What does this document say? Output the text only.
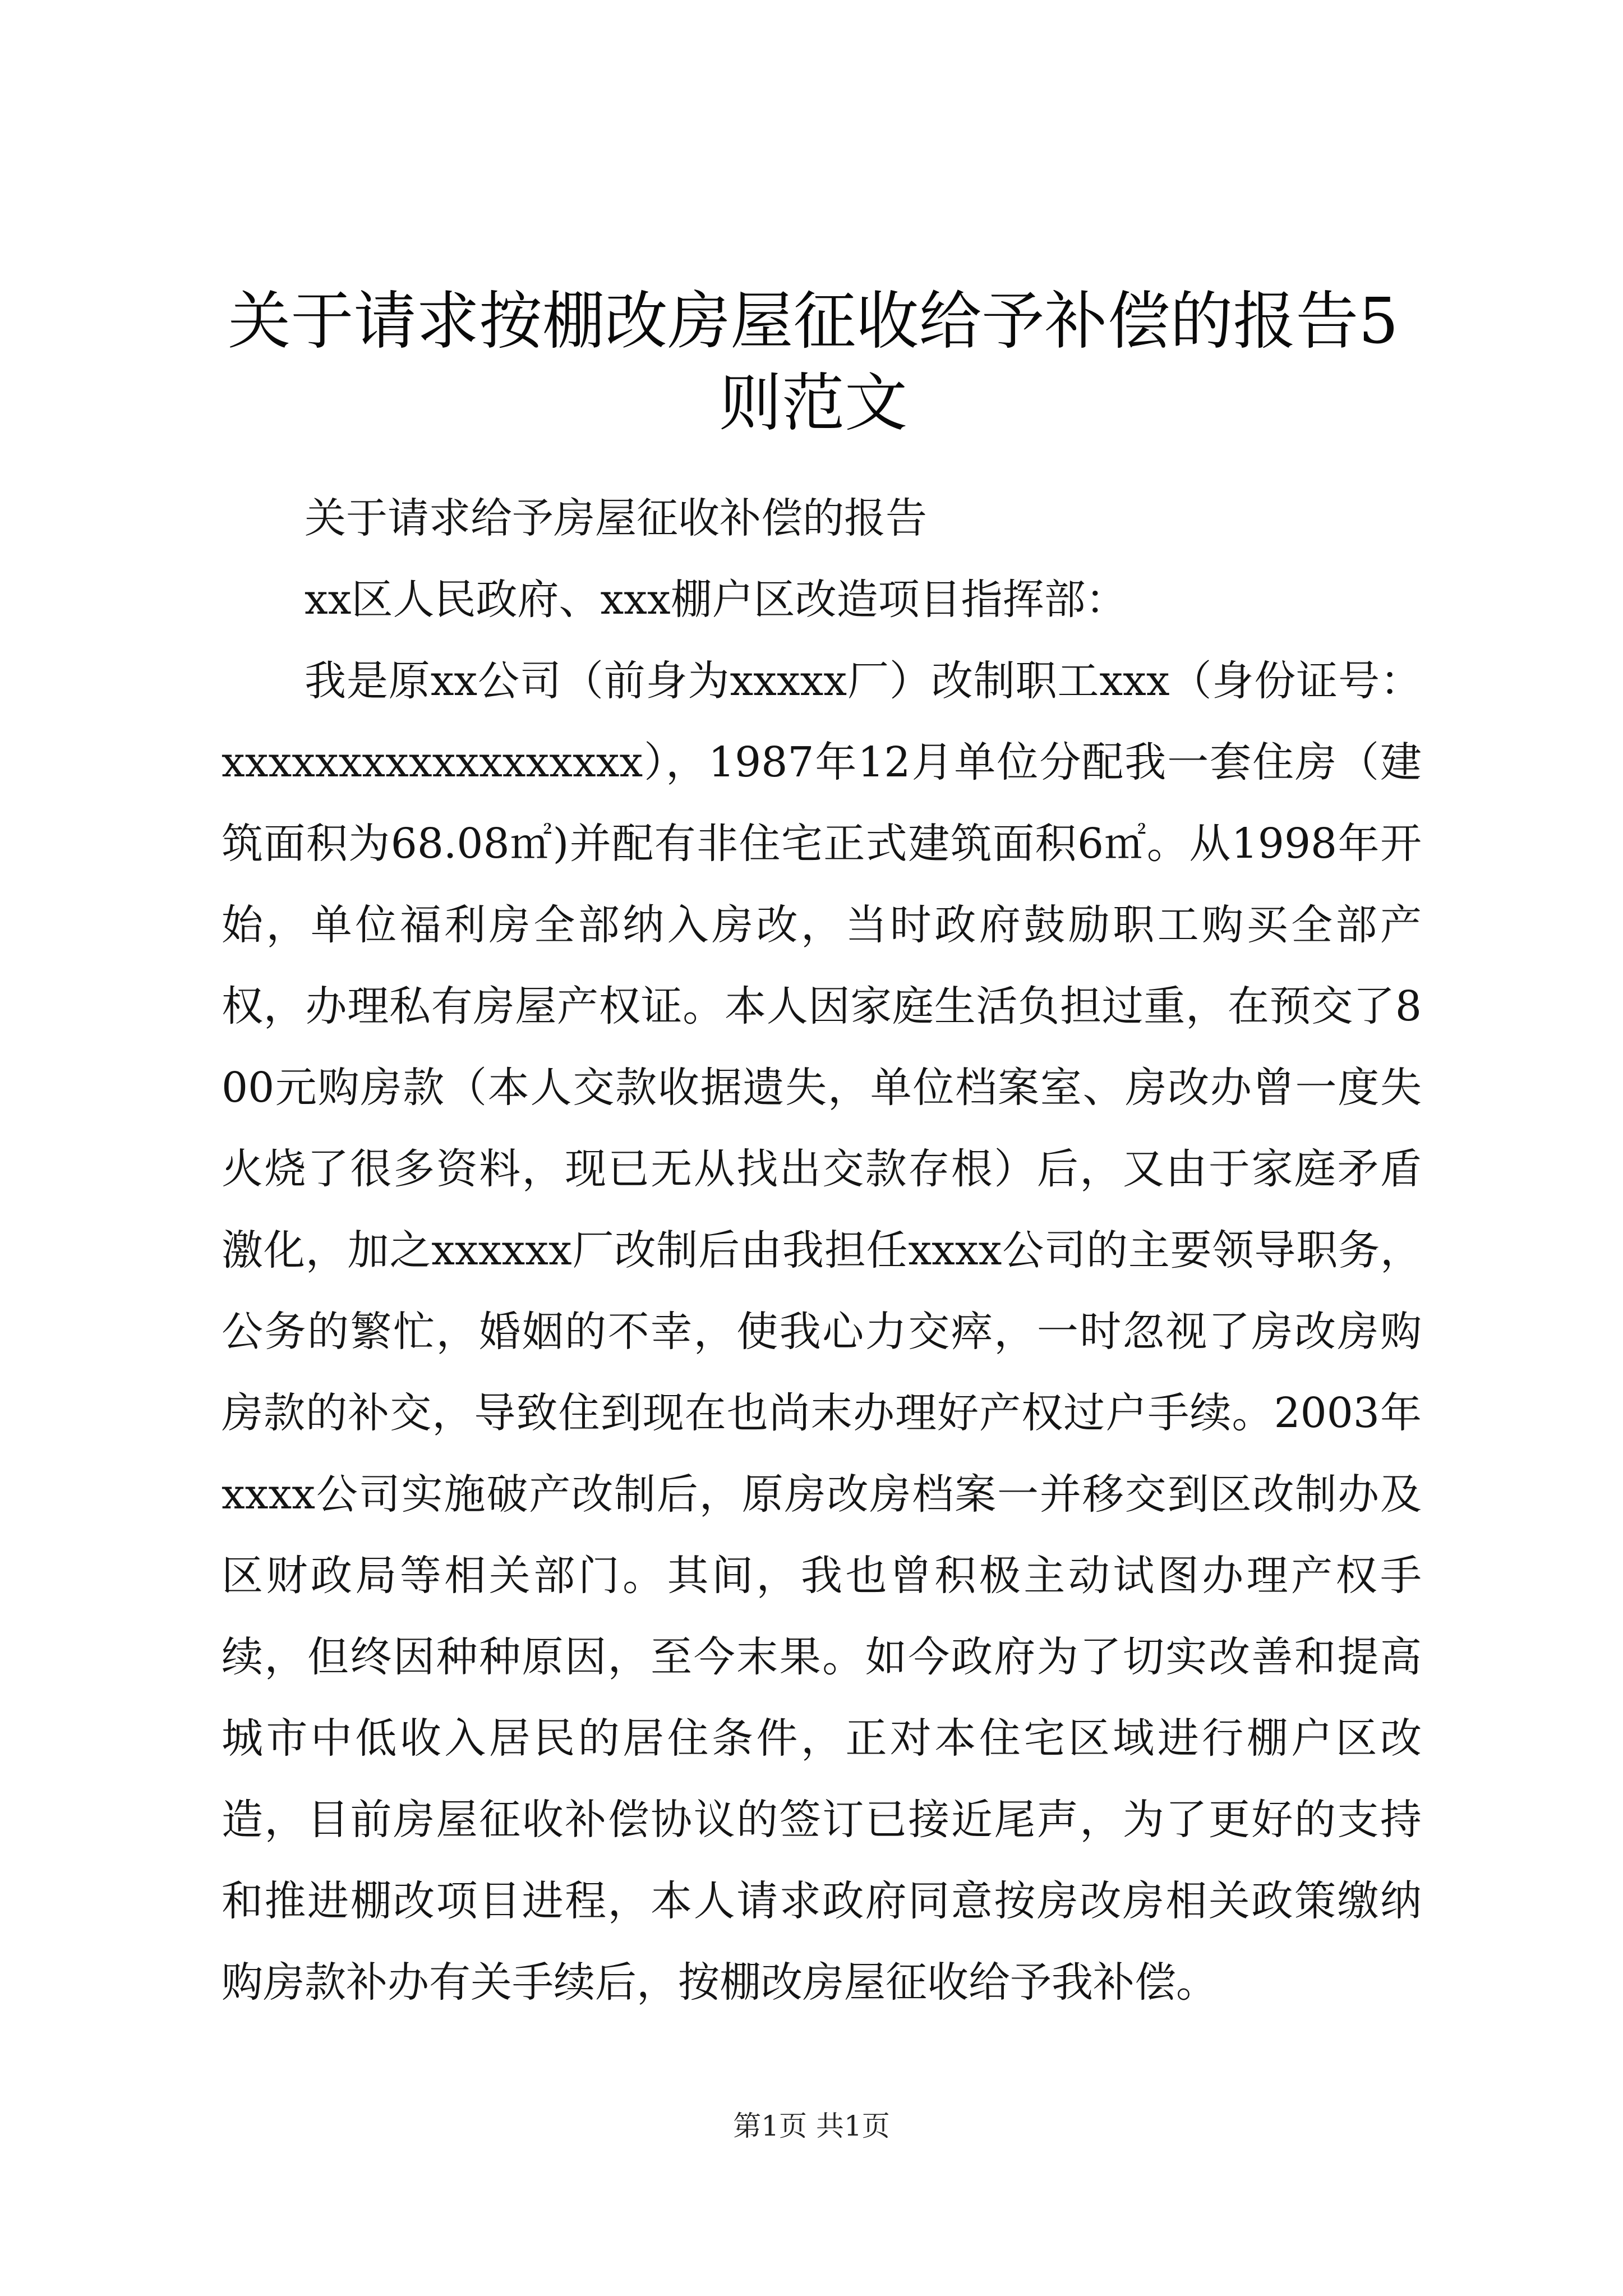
关于请求按棚改房屋征收给予补偿的报告5则范文

关于请求给予房屋征收补偿的报告

xx区人民政府、xxx棚户区改造项目指挥部：

我是原xx公司（前身为xxxxx厂）改制职工xxx（身份证号：xxxxxxxxxxxxxxxxxx），1987年12月单位分配我一套住房（建筑面积为68.08㎡)并配有非住宅正式建筑面积6㎡。从1998年开始，单位福利房全部纳入房改，当时政府鼓励职工购买全部产权，办理私有房屋产权证。本人因家庭生活负担过重，在预交了800元购房款（本人交款收据遗失，单位档案室、房改办曾一度失火烧了很多资料，现已无从找出交款存根）后，又由于家庭矛盾激化，加之xxxxxx厂改制后由我担任xxxx公司的主要领导职务，公务的繁忙，婚姻的不幸，使我心力交瘁，一时忽视了房改房购房款的补交，导致住到现在也尚末办理好产权过户手续。2003年xxxx公司实施破产改制后，原房改房档案一并移交到区改制办及区财政局等相关部门。其间，我也曾积极主动试图办理产权手续，但终因种种原因，至今末果。如今政府为了切实改善和提高城市中低收入居民的居住条件，正对本住宅区域进行棚户区改造，目前房屋征收补偿协议的签订已接近尾声，为了更好的支持和推进棚改项目进程，本人请求政府同意按房改房相关政策缴纳购房款补办有关手续后，按棚改房屋征收给予我补偿。

第1页 共1页
